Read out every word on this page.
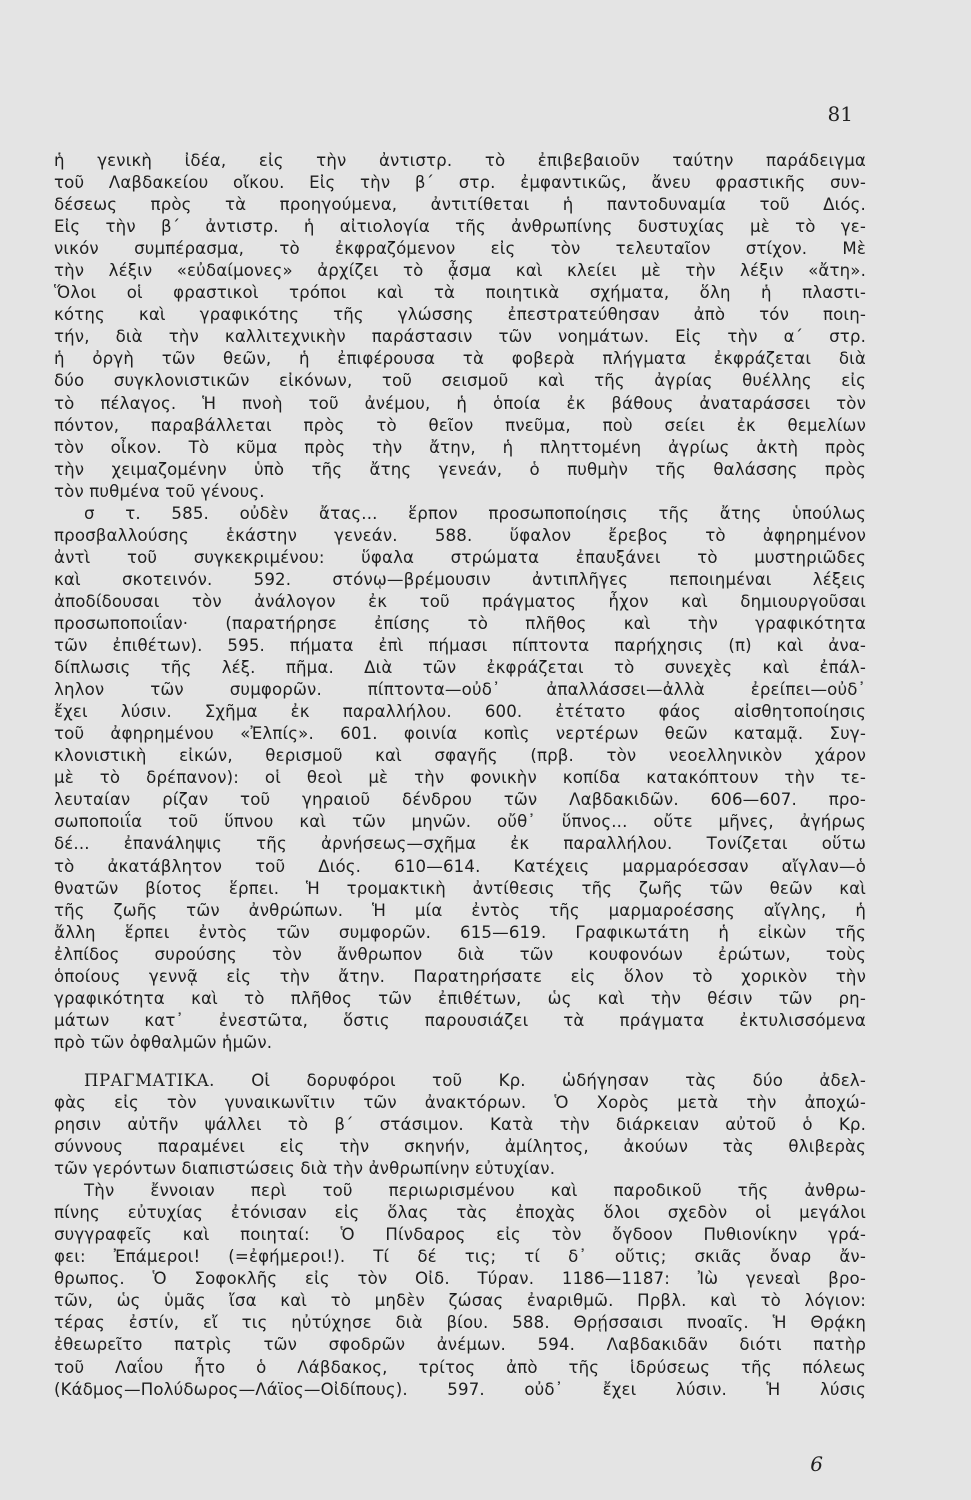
81
ἡ γενικὴ ἰδέα, εἰς τὴν ἀντιστρ. τὸ ἐπιβεβαιοῦν ταύτην παράδειγμα
τοῦ Λαβδακείου οἴκου. Εἰς τὴν β΄ στρ. ἐμφαντικῶς, ἄνευ φραστικῆς συν-
δέσεως πρὸς τὰ προηγούμενα, ἀντιτίθεται ἡ παντοδυναμία τοῦ Διός.
Εἰς τὴν β΄ ἀντιστρ. ἡ αἰτιολογία τῆς ἀνθρωπίνης δυστυχίας μὲ τὸ γε-
νικόν συμπέρασμα, τὸ ἐκφραζόμενον εἰς τὸν τελευταῖον στίχον. Μὲ
τὴν λέξιν «εὐδαίμονες» ἀρχίζει τὸ ᾆσμα καὶ κλείει μὲ τὴν λέξιν «ἄτη».
Ὅλοι οἱ φραστικοὶ τρόποι καὶ τὰ ποιητικὰ σχήματα, ὅλη ἡ πλαστι-
κότης καὶ γραφικότης τῆς γλώσσης ἐπεστρατεύθησαν ἀπὸ τόν ποιη-
τήν, διὰ τὴν καλλιτεχνικὴν παράστασιν τῶν νοημάτων. Εἰς τὴν α΄ στρ.
ἡ ὀργὴ τῶν θεῶν, ἡ ἐπιφέρουσα τὰ φοβερὰ πλήγματα ἐκφράζεται διὰ
δύο συγκλονιστικῶν εἰκόνων, τοῦ σεισμοῦ καὶ τῆς ἀγρίας θυέλλης εἰς
τὸ πέλαγος. Ἡ πνοὴ τοῦ ἀνέμου, ἡ ὁποία ἐκ βάθους ἀναταράσσει τὸν
πόντον, παραβάλλεται πρὸς τὸ θεῖον πνεῦμα, ποὺ σείει ἐκ θεμελίων
τὸν οἶκον. Τὸ κῦμα πρὸς τὴν ἄτην, ἡ πληττομένη ἀγρίως ἀκτὴ πρὸς
τὴν χειμαζομένην ὑπὸ τῆς ἄτης γενεάν, ὁ πυθμὴν τῆς θαλάσσης πρὸς
τὸν πυθμένα τοῦ γένους.
σ τ. 585. οὐδὲν ἄτας... ἕρπον προσωποποίησις τῆς ἄτης ὑπούλως
προσβαλλούσης ἑκάστην γενεάν. 588. ὕφαλον ἔρεβος τὸ ἀφηρημένον
ἀντὶ τοῦ συγκεκριμένου: ὕφαλα στρώματα ἐπαυξάνει τὸ μυστηριῶδες
καὶ σκοτεινόν. 592. στόνῳ—βρέμουσιν ἀντιπλῆγες πεποιημέναι λέξεις
ἀποδίδουσαι τὸν ἀνάλογον ἐκ τοῦ πράγματος ἦχον καὶ δημιουργοῦσαι
προσωποποιΐαν· (παρατήρησε ἐπίσης τὸ πλῆθος καὶ τὴν γραφικότητα
τῶν ἐπιθέτων). 595. πήματα ἐπὶ πήμασι πίπτοντα παρήχησις (π) καὶ ἀνα-
δίπλωσις τῆς λέξ. πῆμα. Διὰ τῶν ἐκφράζεται τὸ συνεχὲς καὶ ἐπάλ-
ληλον τῶν συμφορῶν. πίπτοντα—οὐδ᾽ ἀπαλλάσσει—ἀλλὰ ἐρείπει—οὐδ᾽
ἔχει λύσιν. Σχῆμα ἐκ παραλλήλου. 600. ἐτέτατο φάος αἰσθητοποίησις
τοῦ ἀφηρημένου «Ἐλπίς». 601. φοινία κοπὶς νερτέρων θεῶν καταμᾷ. Συγ-
κλονιστικὴ εἰκών, θερισμοῦ καὶ σφαγῆς (πρβ. τὸν νεοελληνικὸν χάρον
μὲ τὸ δρέπανον): οἱ θεοὶ μὲ τὴν φονικὴν κοπίδα κατακόπτουν τὴν τε-
λευταίαν ρίζαν τοῦ γηραιοῦ δένδρου τῶν Λαβδακιδῶν. 606—607. προ-
σωποποιΐα τοῦ ὕπνου καὶ τῶν μηνῶν. οὔθ᾽ ὕπνος... οὔτε μῆνες, ἀγήρως
δέ... ἐπανάληψις τῆς ἀρνήσεως—σχῆμα ἐκ παραλλήλου. Τονίζεται οὕτω
τὸ ἀκατάβλητον τοῦ Διός. 610—614. Κατέχεις μαρμαρόεσσαν αἴγλαν—ὁ
θνατῶν βίοτος ἕρπει. Ἡ τρομακτικὴ ἀντίθεσις τῆς ζωῆς τῶν θεῶν καὶ
τῆς ζωῆς τῶν ἀνθρώπων. Ἡ μία ἐντὸς τῆς μαρμαροέσσης αἴγλης, ἡ
ἄλλη ἕρπει ἐντὸς τῶν συμφορῶν. 615—619. Γραφικωτάτη ἡ εἰκὼν τῆς
ἐλπίδος συρούσης τὸν ἄνθρωπον διὰ τῶν κουφονόων ἐρώτων, τοὺς
ὁποίους γεννᾷ εἰς τὴν ἄτην. Παρατηρήσατε εἰς ὅλον τὸ χορικὸν τὴν
γραφικότητα καὶ τὸ πλῆθος τῶν ἐπιθέτων, ὡς καὶ τὴν θέσιν τῶν ρη-
μάτων κατ᾽ ἐνεστῶτα, ὅστις παρουσιάζει τὰ πράγματα ἐκτυλισσόμενα
πρὸ τῶν ὀφθαλμῶν ἡμῶν.
ΠΡΑΓΜΑΤΙΚΑ. Οἱ δορυφόροι τοῦ Κρ. ὡδήγησαν τὰς δύο ἀδελ-
φὰς εἰς τὸν γυναικωνῖτιν τῶν ἀνακτόρων. Ὁ Χορὸς μετὰ τὴν ἀποχώ-
ρησιν αὐτῆν ψάλλει τὸ β΄ στάσιμον. Κατὰ τὴν διάρκειαν αὐτοῦ ὁ Κρ.
σύννους παραμένει εἰς τὴν σκηνήν, ἀμίλητος, ἀκούων τὰς θλιβερὰς
τῶν γερόντων διαπιστώσεις διὰ τὴν ἀνθρωπίνην εὐτυχίαν.
Τὴν ἔννοιαν περὶ τοῦ περιωρισμένου καὶ παροδικοῦ τῆς ἀνθρω-
πίνης εὐτυχίας ἐτόνισαν εἰς ὅλας τὰς ἐποχὰς ὅλοι σχεδὸν οἱ μεγάλοι
συγγραφεῖς καὶ ποιηταί: Ὁ Πίνδαρος εἰς τὸν ὄγδοον Πυθιονίκην γρά-
φει: Ἐπάμεροι! (=ἐφήμεροι!). Τί δέ τις; τί δ᾽ οὔτις; σκιᾶς ὄναρ ἄν-
θρωπος. Ὁ Σοφοκλῆς εἰς τὸν Οἰδ. Τύραν. 1186—1187: Ἰὼ γενεαὶ βρο-
τῶν, ὡς ὑμᾶς ἴσα καὶ τὸ μηδὲν ζώσας ἐναριθμῶ. Πρβλ. καὶ τὸ λόγιον:
τέρας ἐστίν, εἴ τις ηὐτύχησε διὰ βίου. 588. Θρῄσσαισι πνοαῖς. Ἡ Θρᾴκη
ἐθεωρεῖτο πατρὶς τῶν σφοδρῶν ἀνέμων. 594. Λαβδακιδᾶν διότι πατὴρ
τοῦ Λαΐου ἦτο ὁ Λάβδακος, τρίτος ἀπὸ τῆς ἱδρύσεως τῆς πόλεως
(Κάδμος—Πολύδωρος—Λάϊος—Οἰδίπους). 597. οὐδ᾽ ἔχει λύσιν. Ἡ λύσις
6
